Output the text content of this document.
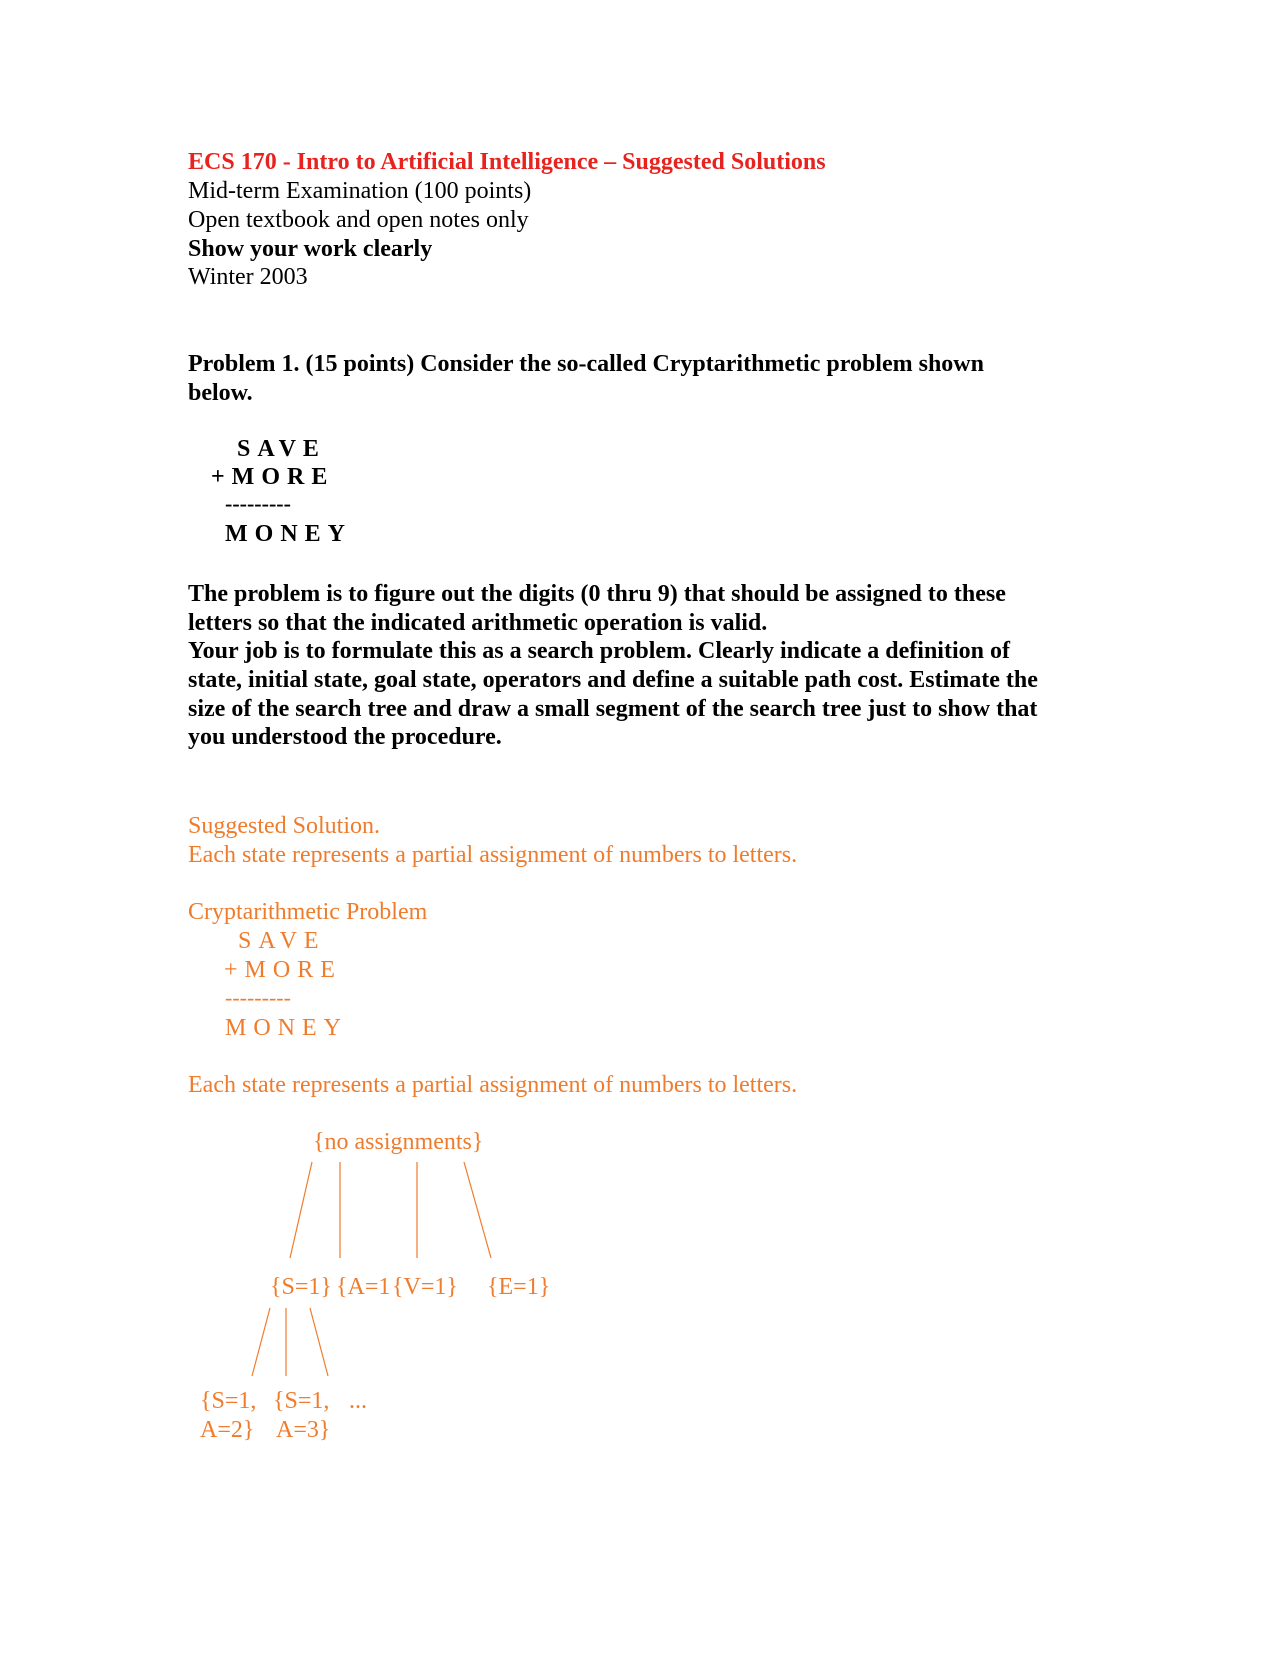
ECS 170 - Intro to Artificial Intelligence – Suggested Solutions
Mid-term Examination (100 points)
Open textbook and open notes only
Show your work clearly
Winter 2003
Problem 1. (15 points) Consider the so-called Cryptarithmetic problem shown
below.
SAVE
+MORE
---------
MONEY
The problem is to figure out the digits (0 thru 9) that should be assigned to these
letters so that the indicated arithmetic operation is valid.
Your job is to formulate this as a search problem. Clearly indicate a definition of
state, initial state, goal state, operators and define a suitable path cost. Estimate the
size of the search tree and draw a small segment of the search tree just to show that
you understood the procedure.
Suggested Solution.
Each state represents a partial assignment of numbers to letters.
Cryptarithmetic Problem
SAVE
+MORE
---------
MONEY
Each state represents a partial assignment of numbers to letters.
{no assignments}
{S=1} {A=1 {V=1} {E=1}
{S=1, {S=1, ...
A=2} A=3}
